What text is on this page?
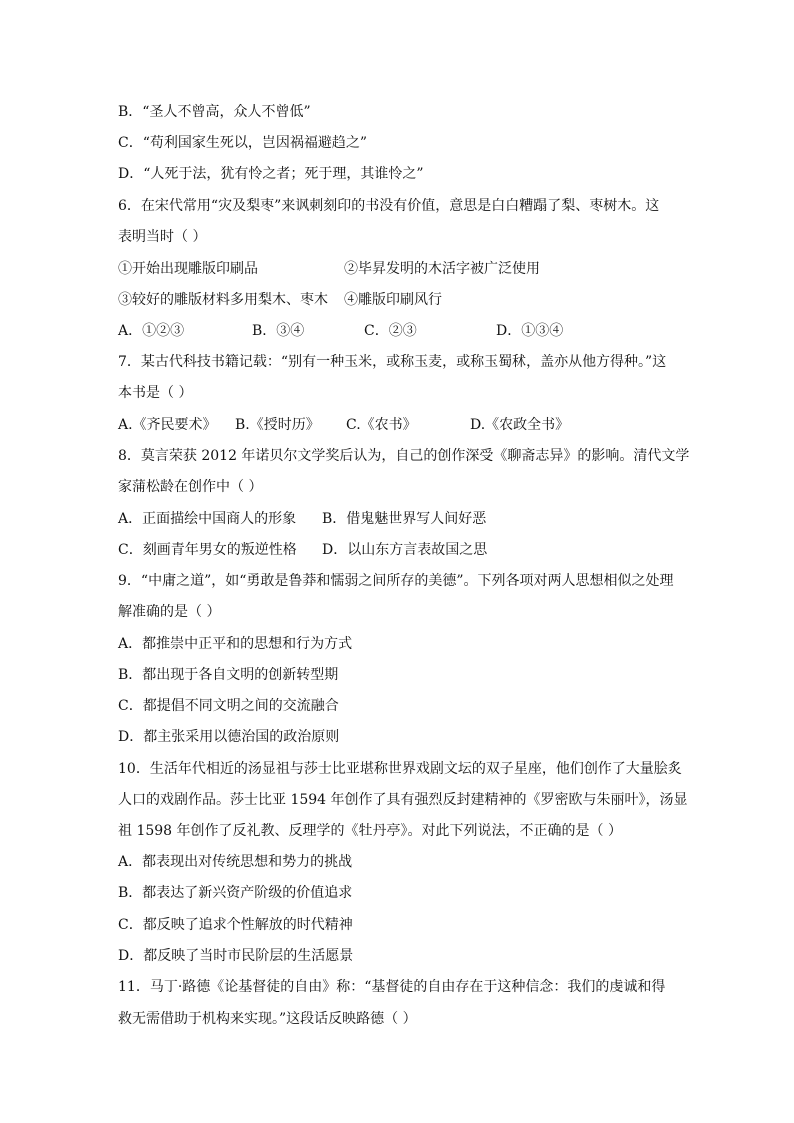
B．“圣人不曾高，众人不曾低”
C．“苟利国家生死以，岂因祸福避趋之”
D．“人死于法，犹有怜之者；死于理，其谁怜之”
6．在宋代常用“灾及梨枣”来讽刺刻印的书没有价值，意思是白白糟蹋了梨、枣树木。这
表明当时（ ）
①开始出现雕版印刷品	②毕昇发明的木活字被广泛使用
③较好的雕版材料多用梨木、枣木 ④雕版印刷风行
A．①②③	B．③④	C．②③	D．①③④
7．某古代科技书籍记载：“别有一种玉米，或称玉麦，或称玉蜀秫，盖亦从他方得种。”这
本书是（ ）
A.《齐民要术》 B.《授时历》 C.《农书》	D.《农政全书》
8．莫言荣获 2012 年诺贝尔文学奖后认为，自己的创作深受《聊斋志异》的影响。清代文学
家蒲松龄在创作中（ ）
A．正面描绘中国商人的形象 B．借鬼魅世界写人间好恶
C．刻画青年男女的叛逆性格 D．以山东方言表故国之思
9．“中庸之道”，如“勇敢是鲁莽和懦弱之间所存的美德”。下列各项对两人思想相似之处理
解准确的是（ ）
A．都推崇中正平和的思想和行为方式
B．都出现于各自文明的创新转型期
C．都提倡不同文明之间的交流融合
D．都主张采用以德治国的政治原则
10．生活年代相近的汤显祖与莎士比亚堪称世界戏剧文坛的双子星座，他们创作了大量脍炙
人口的戏剧作品。莎士比亚 1594 年创作了具有强烈反封建精神的《罗密欧与朱丽叶》，汤显
祖 1598 年创作了反礼教、反理学的《牡丹亭》。对此下列说法，不正确的是（ ）
A．都表现出对传统思想和势力的挑战
B．都表达了新兴资产阶级的价值追求
C．都反映了追求个性解放的时代精神
D．都反映了当时市民阶层的生活愿景
11．马丁·路德《论基督徒的自由》称：“基督徒的自由存在于这种信念：我们的虔诚和得
救无需借助于机构来实现。”这段话反映路德（ ）
